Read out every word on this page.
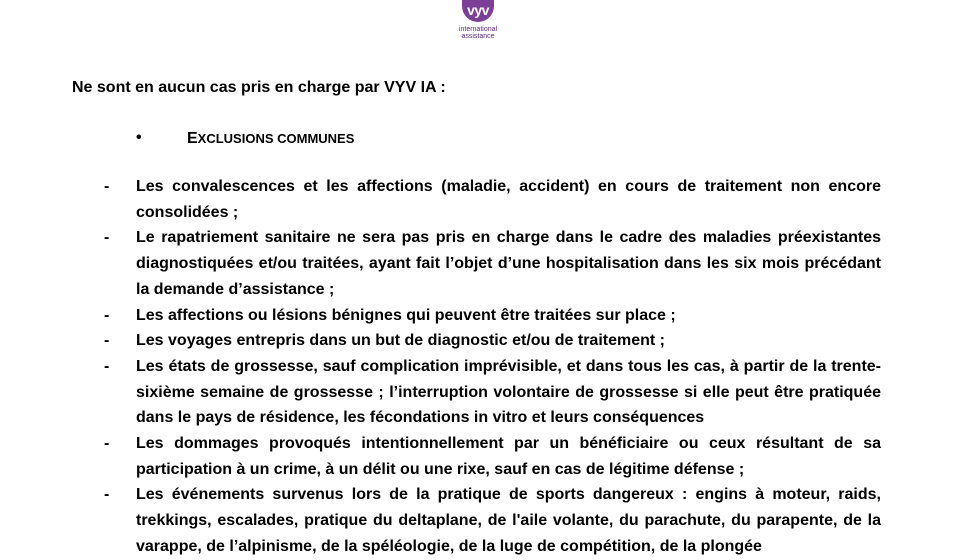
vyv
international
assistance
Ne sont en aucun cas pris en charge par VYV IA :
•	EXCLUSIONS COMMUNES
- Les convalescences et les affections (maladie, accident) en cours de traitement non encore consolidées ;
- Le rapatriement sanitaire ne sera pas pris en charge dans le cadre des maladies préexistantes diagnostiquées et/ou traitées, ayant fait l’objet d’une hospitalisation dans les six mois précédant la demande d’assistance ;
- Les affections ou lésions bénignes qui peuvent être traitées sur place ;
- Les voyages entrepris dans un but de diagnostic et/ou de traitement ;
- Les états de grossesse, sauf complication imprévisible, et dans tous les cas, à partir de la trente-sixième semaine de grossesse ; l’interruption volontaire de grossesse si elle peut être pratiquée dans le pays de résidence, les fécondations in vitro et leurs conséquences
- Les dommages provoqués intentionnellement par un bénéficiaire ou ceux résultant de sa participation à un crime, à un délit ou une rixe, sauf en cas de légitime défense ;
- Les événements survenus lors de la pratique de sports dangereux : engins à moteur, raids, trekkings, escalades, pratique du deltaplane, de l'aile volante, du parachute, du parapente, de la varappe, de l’alpinisme, de la spéléologie, de la luge de compétition, de la plongée
